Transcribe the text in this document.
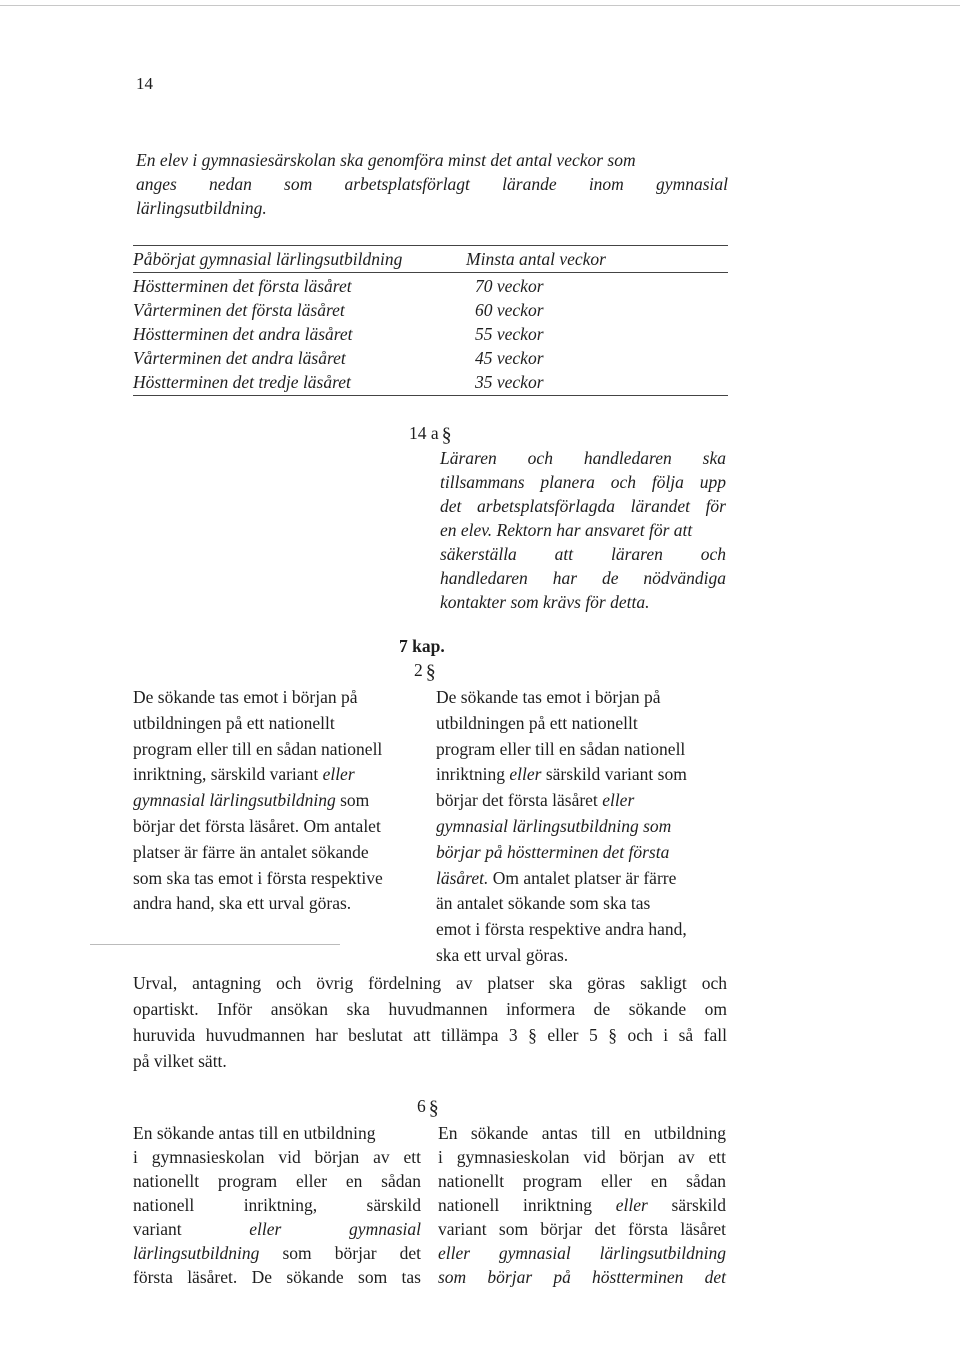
14
En elev i gymnasiesärskolan ska genomföra minst det antal veckor som
anges nedan som arbetsplatsförlagt lärande inom gymnasial
lärlingsutbildning.
Påbörjat gymnasial lärlingsutbildning	Minsta antal veckor
Höstterminen det första läsåret
Vårterminen det första läsåret
Höstterminen det andra läsåret
Vårterminen det andra läsåret
Höstterminen det tredje läsåret
70 veckor
60 veckor
55 veckor
45 veckor
35 veckor
14 a §
Läraren och handledaren ska
tillsammans planera och följa upp
det arbetsplatsförlagda lärandet för
en elev. Rektorn har ansvaret för att
säkerställa att läraren och
handledaren har de nödvändiga
kontakter som krävs för detta.
7 kap.
2 §
De sökande tas emot i början på
utbildningen på ett nationellt
program eller till en sådan nationell
inriktning, särskild variant eller
gymnasial lärlingsutbildning som
börjar det första läsåret. Om antalet
platser är färre än antalet sökande
som ska tas emot i första respektive
andra hand, ska ett urval göras.
De sökande tas emot i början på
utbildningen på ett nationellt
program eller till en sådan nationell
inriktning eller särskild variant som
börjar det första läsåret eller
gymnasial lärlingsutbildning som
börjar på höstterminen det första
läsåret. Om antalet platser är färre
än antalet sökande som ska tas
emot i första respektive andra hand,
ska ett urval göras.
Urval, antagning och övrig fördelning av platser ska göras sakligt och
opartiskt. Inför ansökan ska huvudmannen informera de sökande om
huruvida huvudmannen har beslutat att tillämpa 3 § eller 5 § och i så fall
på vilket sätt.
6 §
En sökande antas till en utbildning
i gymnasieskolan vid början av ett
nationellt program eller en sådan
nationell inriktning, särskild
variant eller	gymnasial
lärlingsutbildning som börjar det
första läsåret. De sökande som tas
En sökande antas till en utbildning
i gymnasieskolan vid början av ett
nationellt program eller en sådan
nationell inriktning eller särskild
variant som börjar det första läsåret
eller gymnasial lärlingsutbildning
som börjar på höstterminen det
